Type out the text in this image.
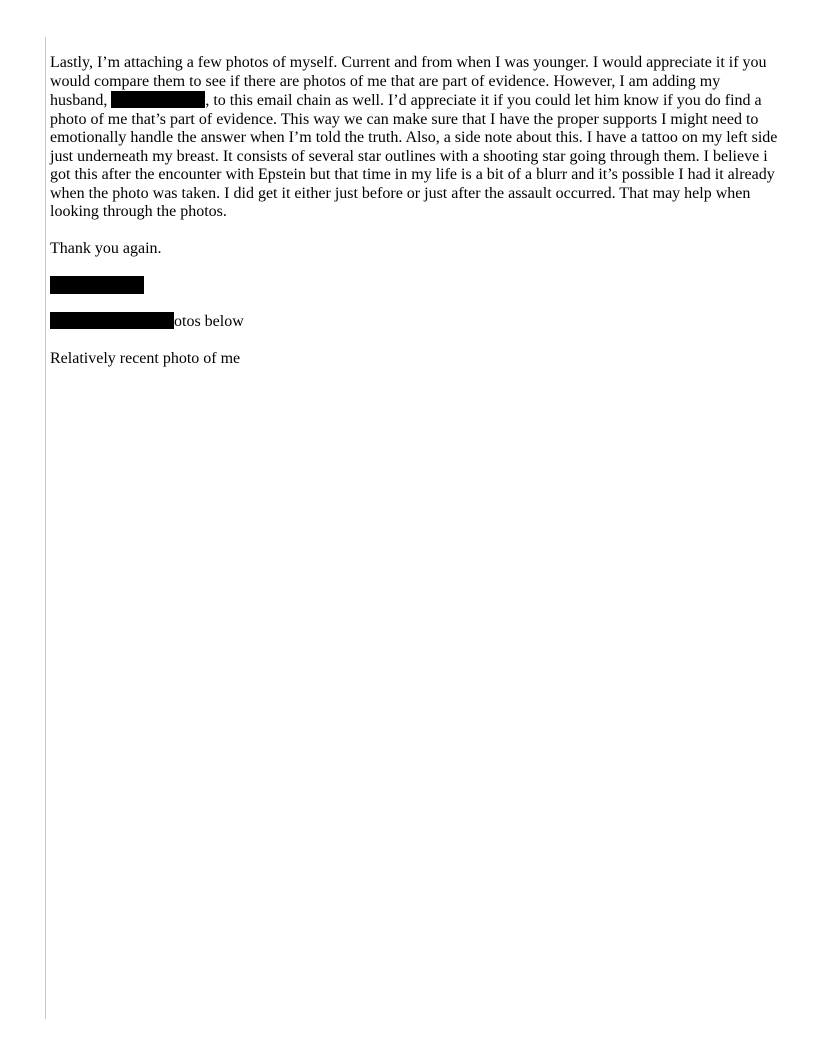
Lastly, I’m attaching a few photos of myself. Current and from when I was younger. I would appreciate it if you would compare them to see if there are photos of me that are part of evidence. However, I am adding my husband,	, to this email chain as well. I’d appreciate it if you could let him know if you do find a photo of me that’s part of evidence. This way we can make sure that I have the proper supports I might need to emotionally handle the answer when I’m told the truth. Also, a side note about this. I have a tattoo on my left side just underneath my breast. It consists of several star outlines with a shooting star going through them. I believe i got this after the encounter with Epstein but that time in my life is a bit of a blurr and it’s possible I had it already when the photo was taken. I did get it either just before or just after the assault occurred. That may help when looking through the photos.

Thank you again.

otos below

Relatively recent photo of me
